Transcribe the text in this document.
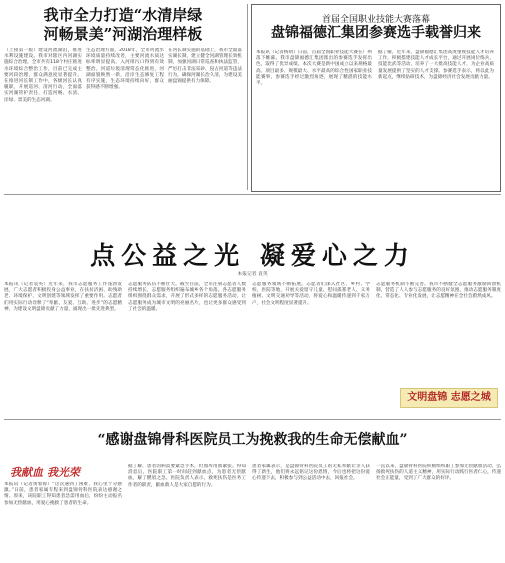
我市全力打造“水清岸绿
河畅景美”河湖治理样板
（上接第一版）建设河流湖泊，推进水利设施建设。我市对辖区内河湖实施综合治理，全市共有118个村庄推进水环境综合整治工作，目前已完成主要河段治理，群众满意度显著提升。在推进河长制工作中，各级河长认真履职，开展巡河、清河行动，全面落实河湖管护责任，打造河畅、水清、岸绿、景美的生态河湖。
生态治理方面，2018年，全市河流水环境质量持续改善，主要河流水质达标率明显提高，入河排污口得到有效整治，河道垃圾清理常态化推进，河湖面貌焕然一新，沿岸生态修复工程有序实施，生态环境持续向好，群众获得感不断增强。
在河长制实施的基础上，我市全面落实湖长制，建立健全河湖管理长效机制，加强河湖日常巡查和执法监管，严厉打击非法采砂、侵占河道等违法行为，确保河湖长治久清，为建设美丽盘锦提供有力保障。
首届全国职业技能大赛落幕
盘锦福德汇集团参赛选手载誉归来
本报讯（记者杨靖）日前，首届全国职业技能大赛在广州落下帷幕。我市盘锦福德汇集团派出的参赛选手发挥出色，取得了优异成绩。本次大赛是新中国成立以来规格最高、项目最多、规模最大、水平最高的综合性国家职业技能赛事，参赛选手经过激烈角逐，展现了精湛的技能水平。
据了解，近年来，盘锦福德汇集团高度重视技能人才培养工作，积极搭建技能人才成长平台，通过开展岗位练兵、技能比武等活动，培养了一大批高技能人才，为企业高质量发展提供了坚实的人才支撑。参赛选手表示，将以此为新起点，继续钻研技术，为盘锦经济社会发展贡献力量。
点公益之光 凝爱心之力
本报记者 袁英
本报讯（记者袁英）近年来，我市志愿服务工作蓬勃发展，广大志愿者积极投身公益事业，在扶贫济困、助残助老、环境保护、文明创建等领域发挥了重要作用。志愿者们用实际行动诠释了“奉献、友爱、互助、进步”的志愿精神，为建设文明盘锦贡献了力量，涌现出一批先进典型。
志愿服务队伍不断壮大。截至目前，全市注册志愿者人数持续增长，志愿服务组织遍布城乡各个角落。各志愿服务组织围绕群众需求，开展了形式多样的志愿服务活动，让志愿服务成为城市文明的亮丽名片，也让更多群众感受到了社会的温暖。
志愿服务领域不断拓展。志愿者们深入社区、乡村、学校、医院等地，开展关爱留守儿童、慰问孤寡老人、义务植树、文明交通劝导等活动，将爱心和温暖传递到千家万户，社会文明程度显著提升。
志愿服务机制不断完善。我市不断健全志愿服务激励回馈机制，营造了人人参与志愿服务的良好氛围，推动志愿服务制度化、常态化、专业化发展，让志愿精神在全社会蔚然成风。
文明盘锦 志愿之城
“感谢盘锦骨科医院员工为挽救我的生命无偿献血”
我献血 我光荣
本报讯（记者黄蓉蓉）“这次遇到了困难，我心里十分感激。”日前，患者家属专程来到盘锦骨科医院表达感谢之情。原来，该院职工得知患者急需用血后，纷纷主动报名参加无偿献血，用爱心挽救了患者的生命。
据了解，患者因病需要紧急手术，但血库用血紧张。得知消息后，医院职工第一时间赶到献血点，为患者无偿献血，解了燃眉之急。医院负责人表示，救死扶伤是医务工作者的职责，献血救人是大家自愿的行为。
患者家属表示，是盘锦骨科医院员工的无私奉献让亲人获得了新生，他们将永远铭记这份恩情，今后也将把这份爱心传递下去，积极参与到公益活动中去，回报社会。
一直以来，盘锦骨科医院积极组织职工参加无偿献血活动，弘扬救死扶伤的人道主义精神，用实际行动践行医者仁心，传递社会正能量，受到了广大群众的好评。
